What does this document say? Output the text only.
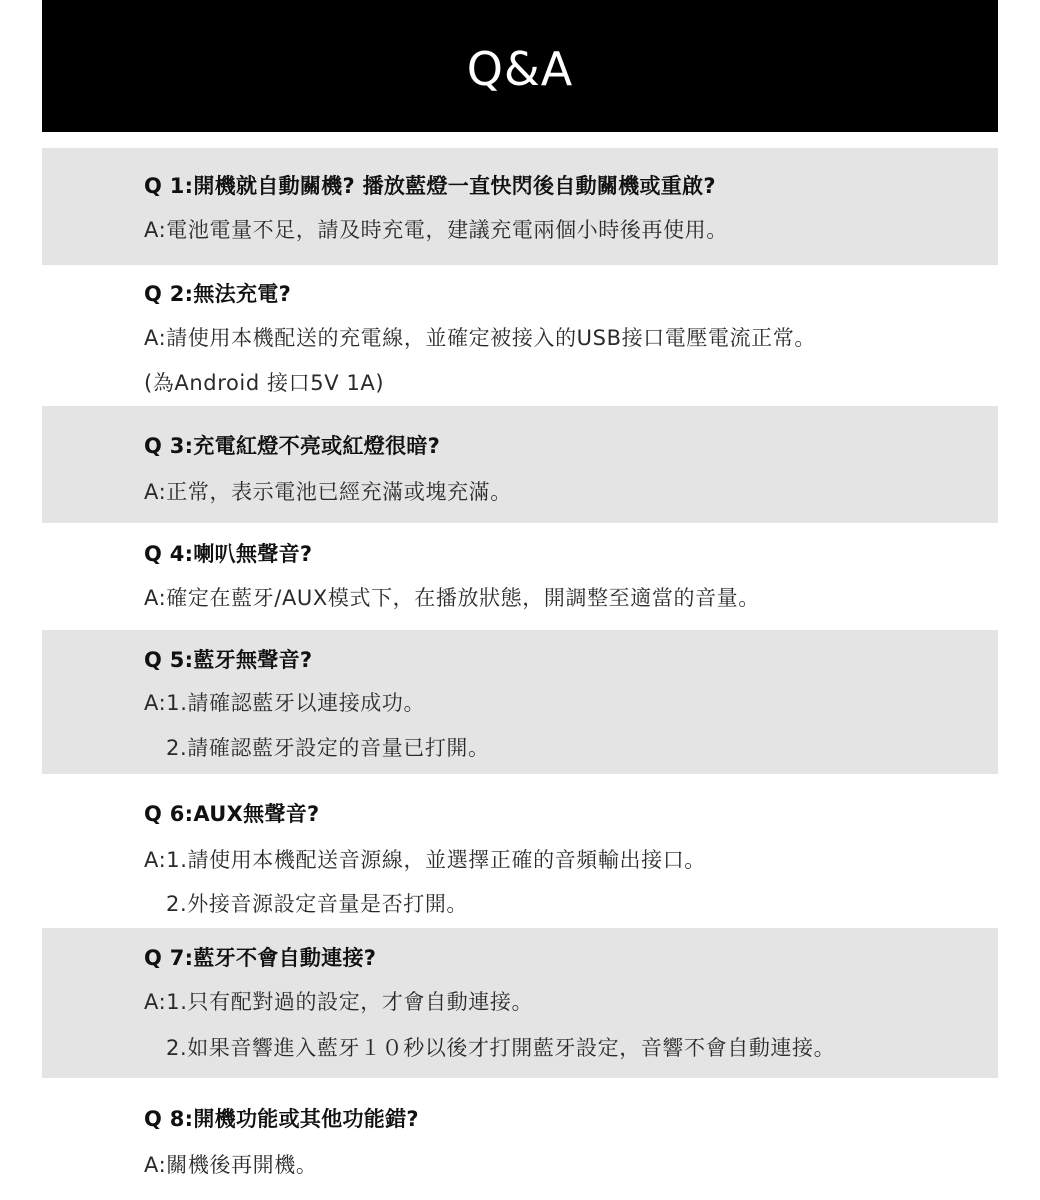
Q&A
Q 1:開機就自動關機? 播放藍燈一直快閃後自動關機或重啟?
A:電池電量不足，請及時充電，建議充電兩個小時後再使用。
Q 2:無法充電?
A:請使用本機配送的充電線，並確定被接入的USB接口電壓電流正常。
(為Android 接口5V 1A)
Q 3:充電紅燈不亮或紅燈很暗?
A:正常，表示電池已經充滿或塊充滿。
Q 4:喇叭無聲音?
A:確定在藍牙/AUX模式下，在播放狀態，開調整至適當的音量。
Q 5:藍牙無聲音?
A:1.請確認藍牙以連接成功。
2.請確認藍牙設定的音量已打開。
Q 6:AUX無聲音?
A:1.請使用本機配送音源線，並選擇正確的音頻輸出接口。
2.外接音源設定音量是否打開。
Q 7:藍牙不會自動連接?
A:1.只有配對過的設定，才會自動連接。
2.如果音響進入藍牙１０秒以後才打開藍牙設定，音響不會自動連接。
Q 8:開機功能或其他功能錯?
A:關機後再開機。
